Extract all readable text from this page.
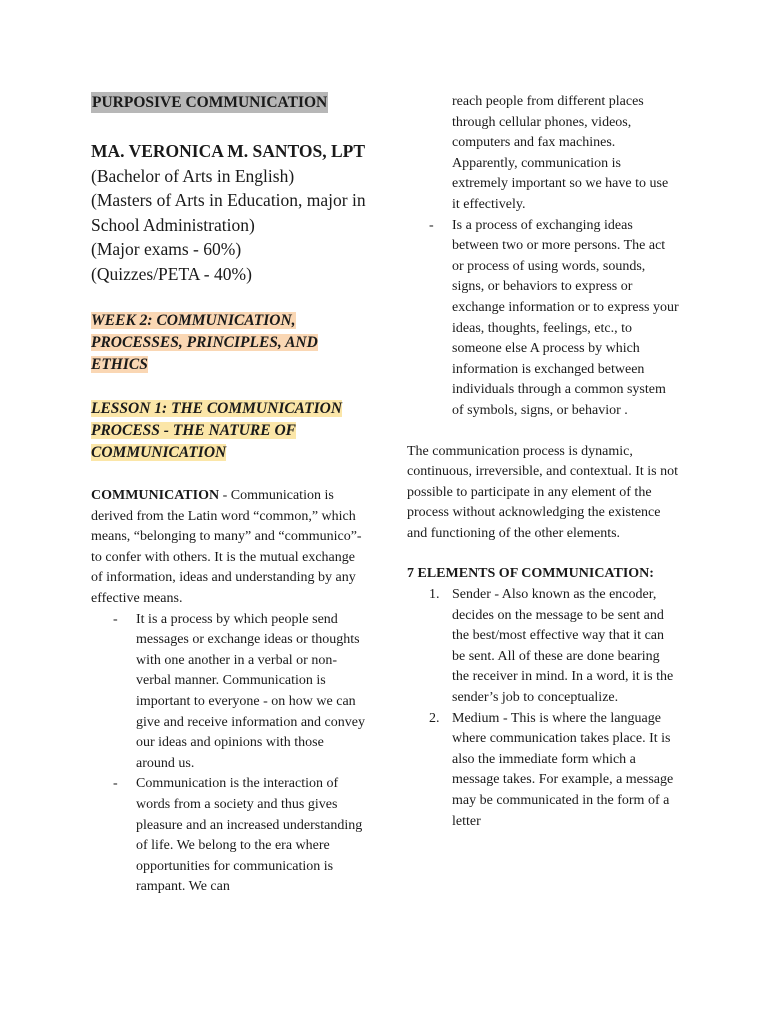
PURPOSIVE COMMUNICATION
MA. VERONICA M. SANTOS, LPT (Bachelor of Arts in English)
(Masters of Arts in Education, major in School Administration)
(Major exams - 60%)
(Quizzes/PETA - 40%)
WEEK 2: COMMUNICATION, PROCESSES, PRINCIPLES, AND ETHICS
LESSON 1: THE COMMUNICATION PROCESS - THE NATURE OF COMMUNICATION

COMMUNICATION - Communication is derived from the Latin word “common,” which means, “belonging to many” and “communico”-to confer with others. It is the mutual exchange of information, ideas and understanding by any effective means.

- It is a process by which people send messages or exchange ideas or thoughts with one another in a verbal or non-verbal manner. Communication is important to everyone - on how we can give and receive information and convey our ideas and opinions with those around us.
- Communication is the interaction of words from a society and thus gives pleasure and an increased understanding of life. We belong to the era where opportunities for communication is rampant. We can

reach people from different places through cellular phones, videos, computers and fax machines. Apparently, communication is extremely important so we have to use it effectively.

- Is a process of exchanging ideas between two or more persons. The act or process of using words, sounds, signs, or behaviors to express or exchange information or to express your ideas, thoughts, feelings, etc., to someone else A process by which information is exchanged between individuals through a common system of symbols, signs, or behavior .

The communication process is dynamic, continuous, irreversible, and contextual. It is not possible to participate in any element of the process without acknowledging the existence and functioning of the other elements.

7 ELEMENTS OF COMMUNICATION:
1. Sender - Also known as the encoder, decides on the message to be sent and the best/most effective way that it can be sent. All of these are done bearing the receiver in mind. In a word, it is the sender’s job to conceptualize.
2. Medium - This is where the language where communication takes place. It is also the immediate form which a message takes. For example, a message may be communicated in the form of a letter
